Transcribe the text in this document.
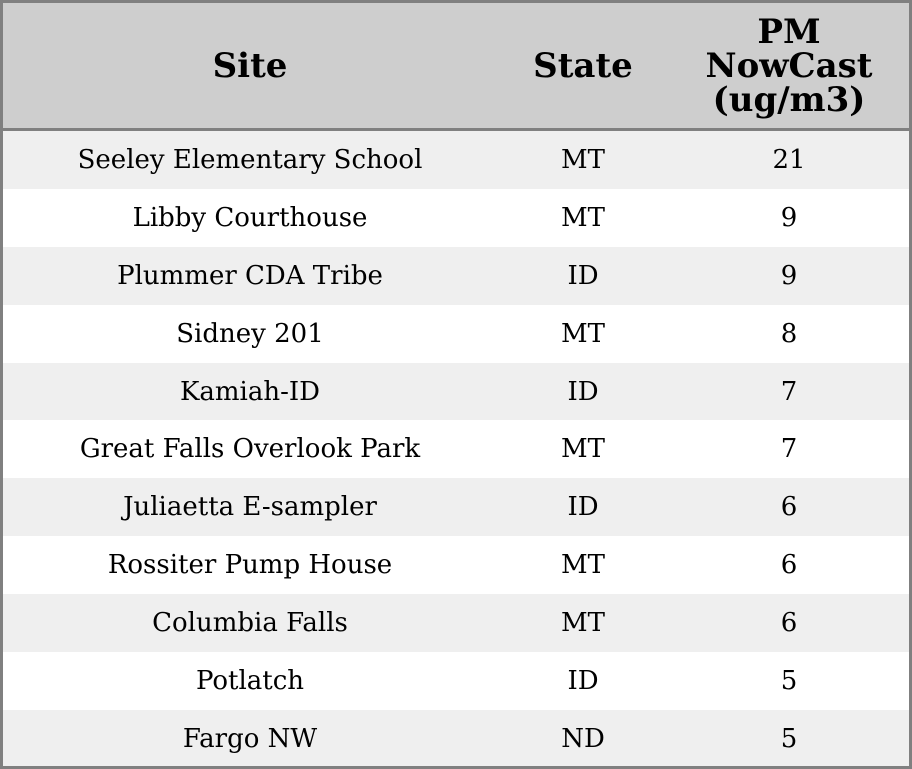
Site	State	PM
NowCast
(ug/m3)

Seeley Elementary School	MT	21
Libby Courthouse	MT	9
Plummer CDA Tribe	ID	9
Sidney 201	MT	8
Kamiah-ID	ID	7
Great Falls Overlook Park	MT	7
Juliaetta E-sampler	ID	6
Rossiter Pump House	MT	6
Columbia Falls	MT	6
Potlatch	ID	5
Fargo NW	ND	5
